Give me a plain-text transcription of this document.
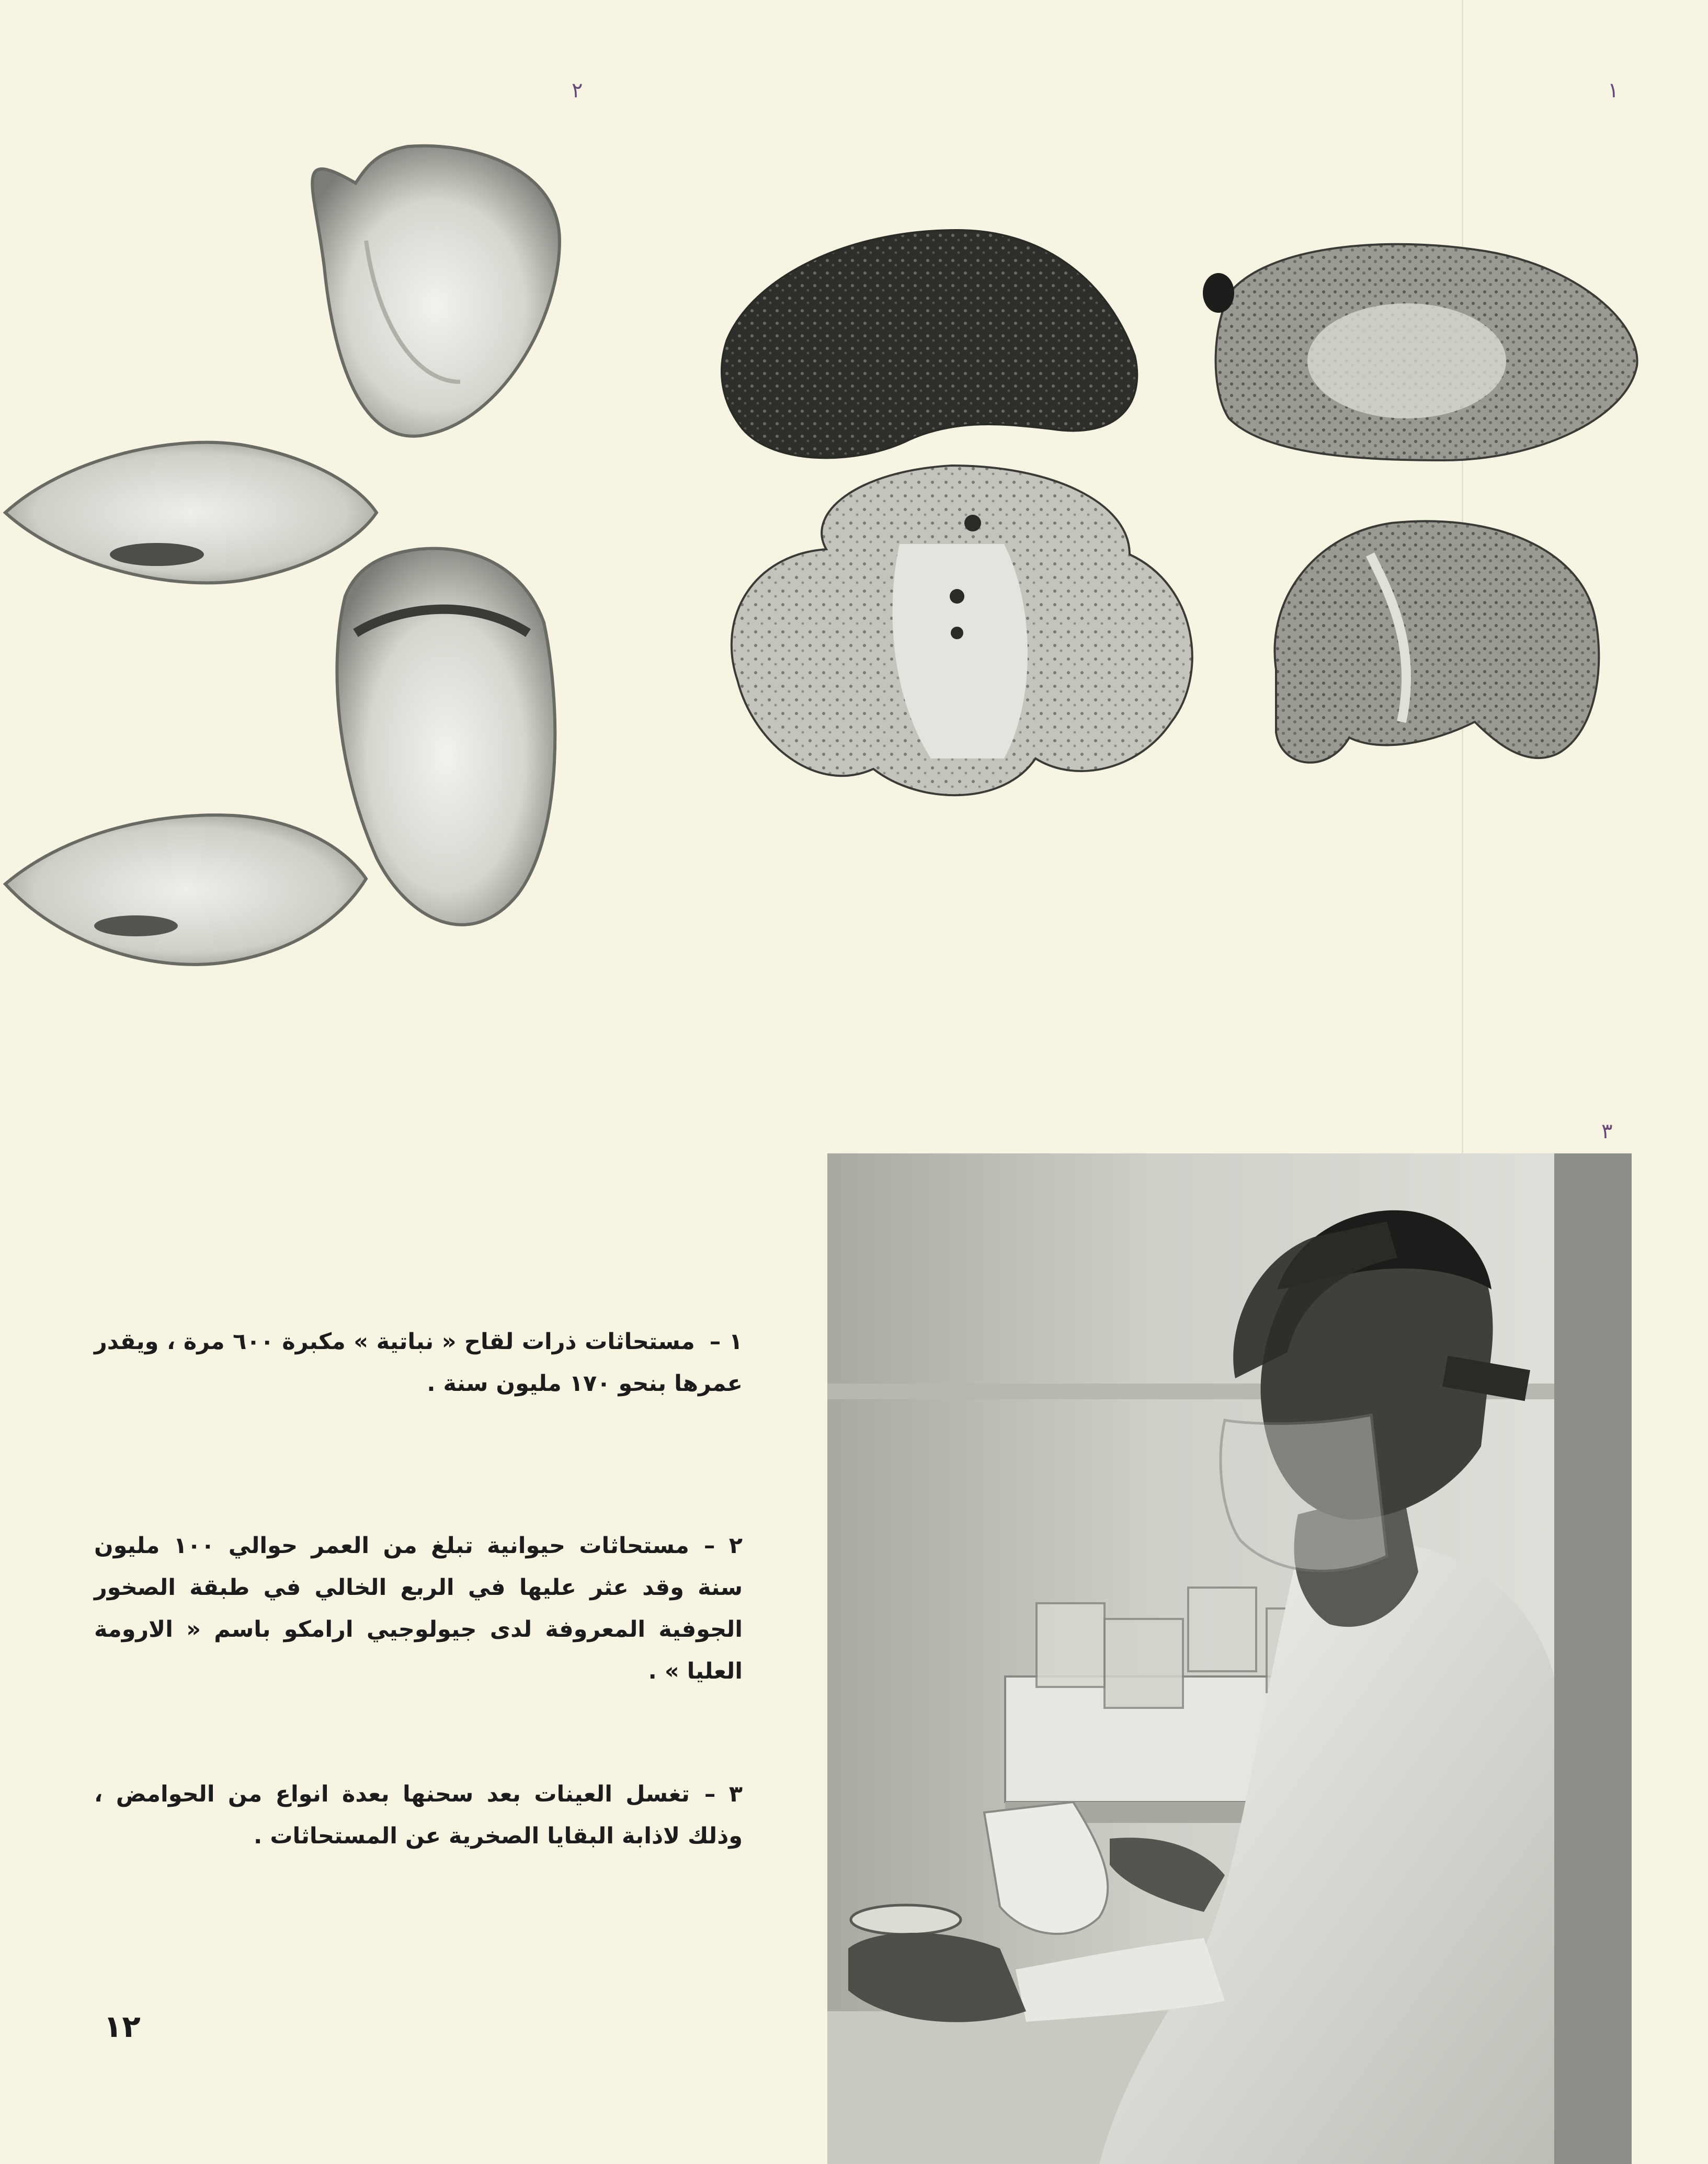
٢	١
٣
١ –مستحاثات ذرات لقاح « نباتية » مكبرة ٦٠٠ مرة ، ويقدر عمرها بنحو ١٧٠ مليون سنة .
٢ –مستحاثات حيوانية تبلغ من العمر حوالي ١٠٠ مليون سنة وقد عثر عليها في الربع الخالي في طبقة الصخور الجوفية المعروفة لدى جيولوجيي ارامكو باسم « الارومة العليا » .
٣ –تغسل العينات بعد سحنها بعدة انواع من الحوامض ، وذلك لاذابة البقايا الصخرية عن المستحاثات .
١٢
